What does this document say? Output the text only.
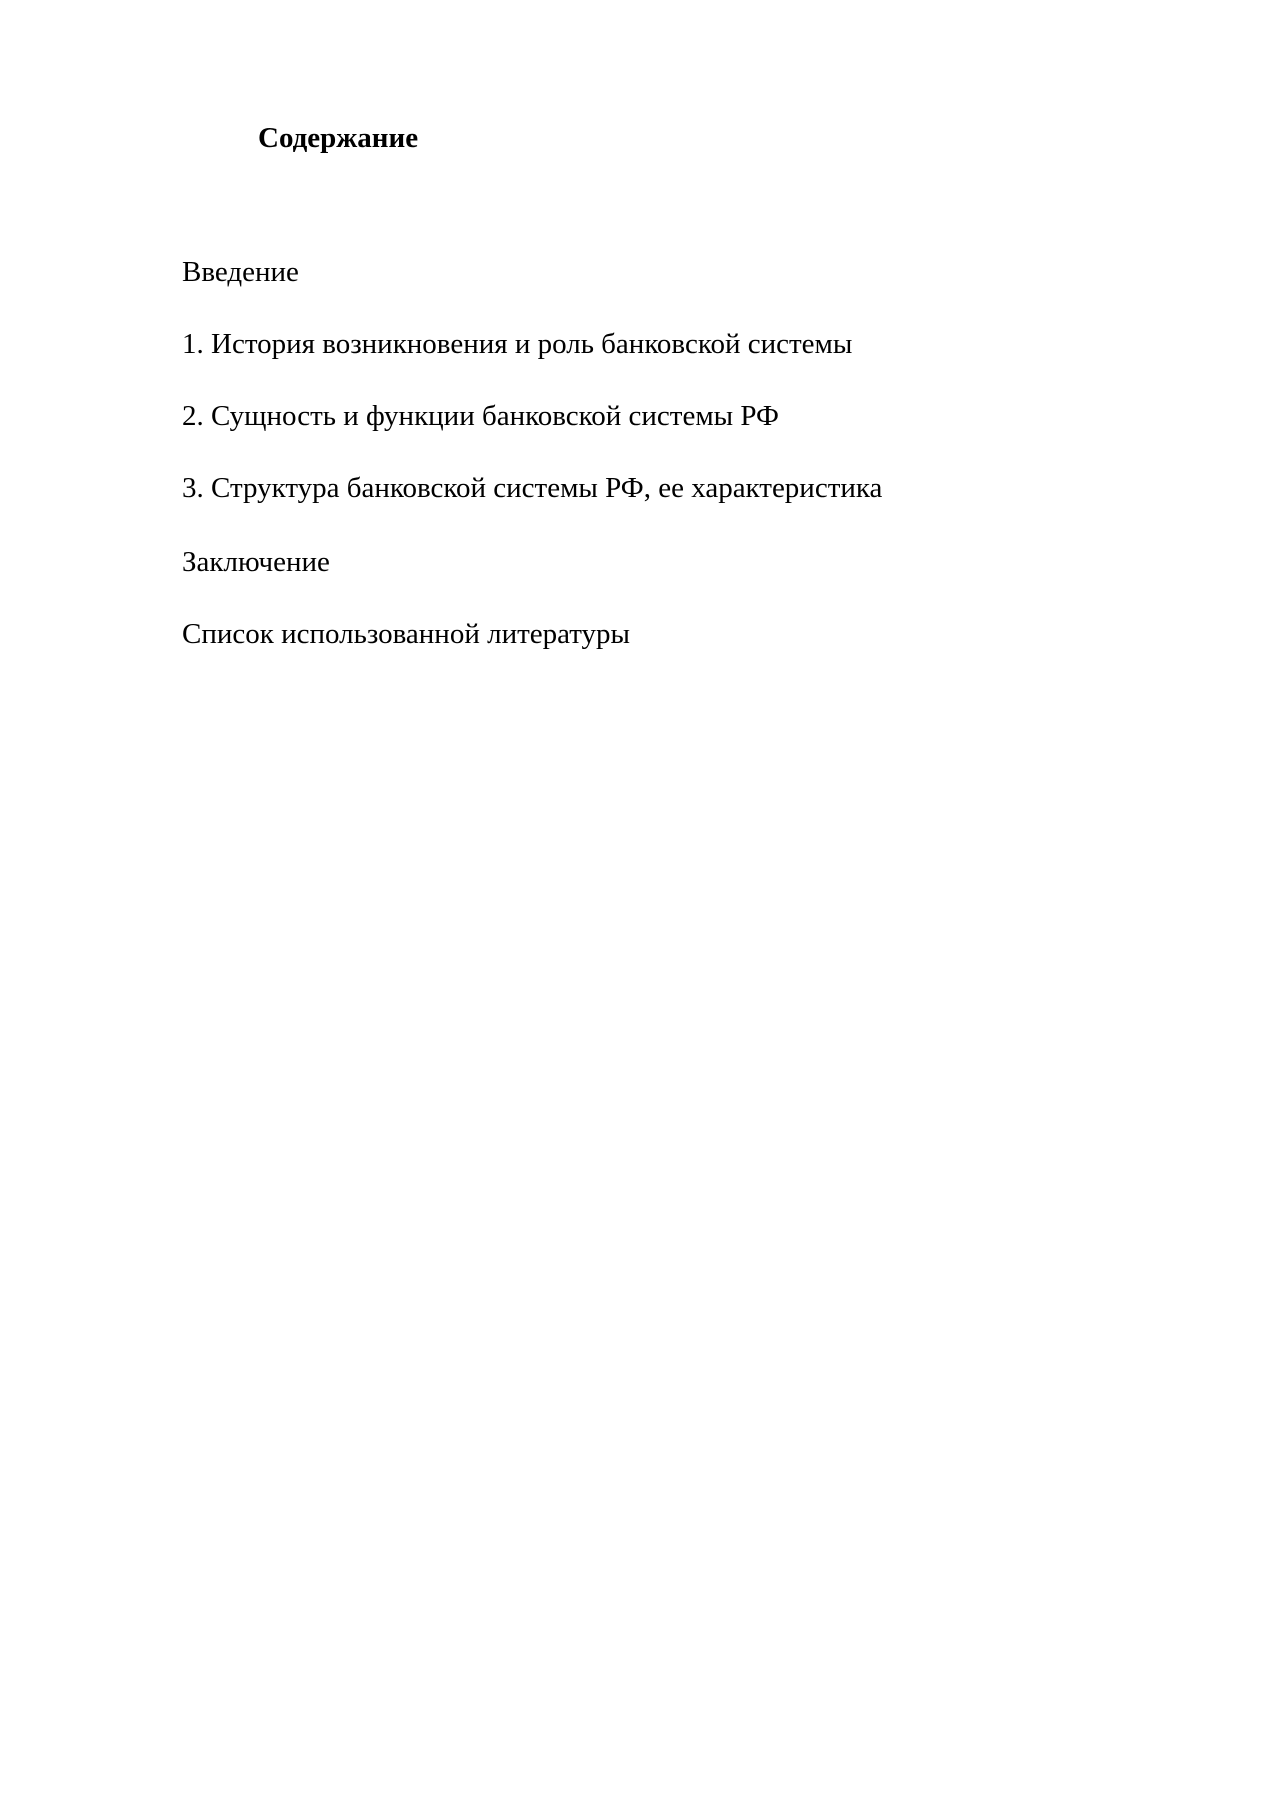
Содержание
Введение
1. История возникновения и роль банковской системы
2. Сущность и функции банковской системы РФ
3. Структура банковской системы РФ, ее характеристика
Заключение
Список использованной литературы
